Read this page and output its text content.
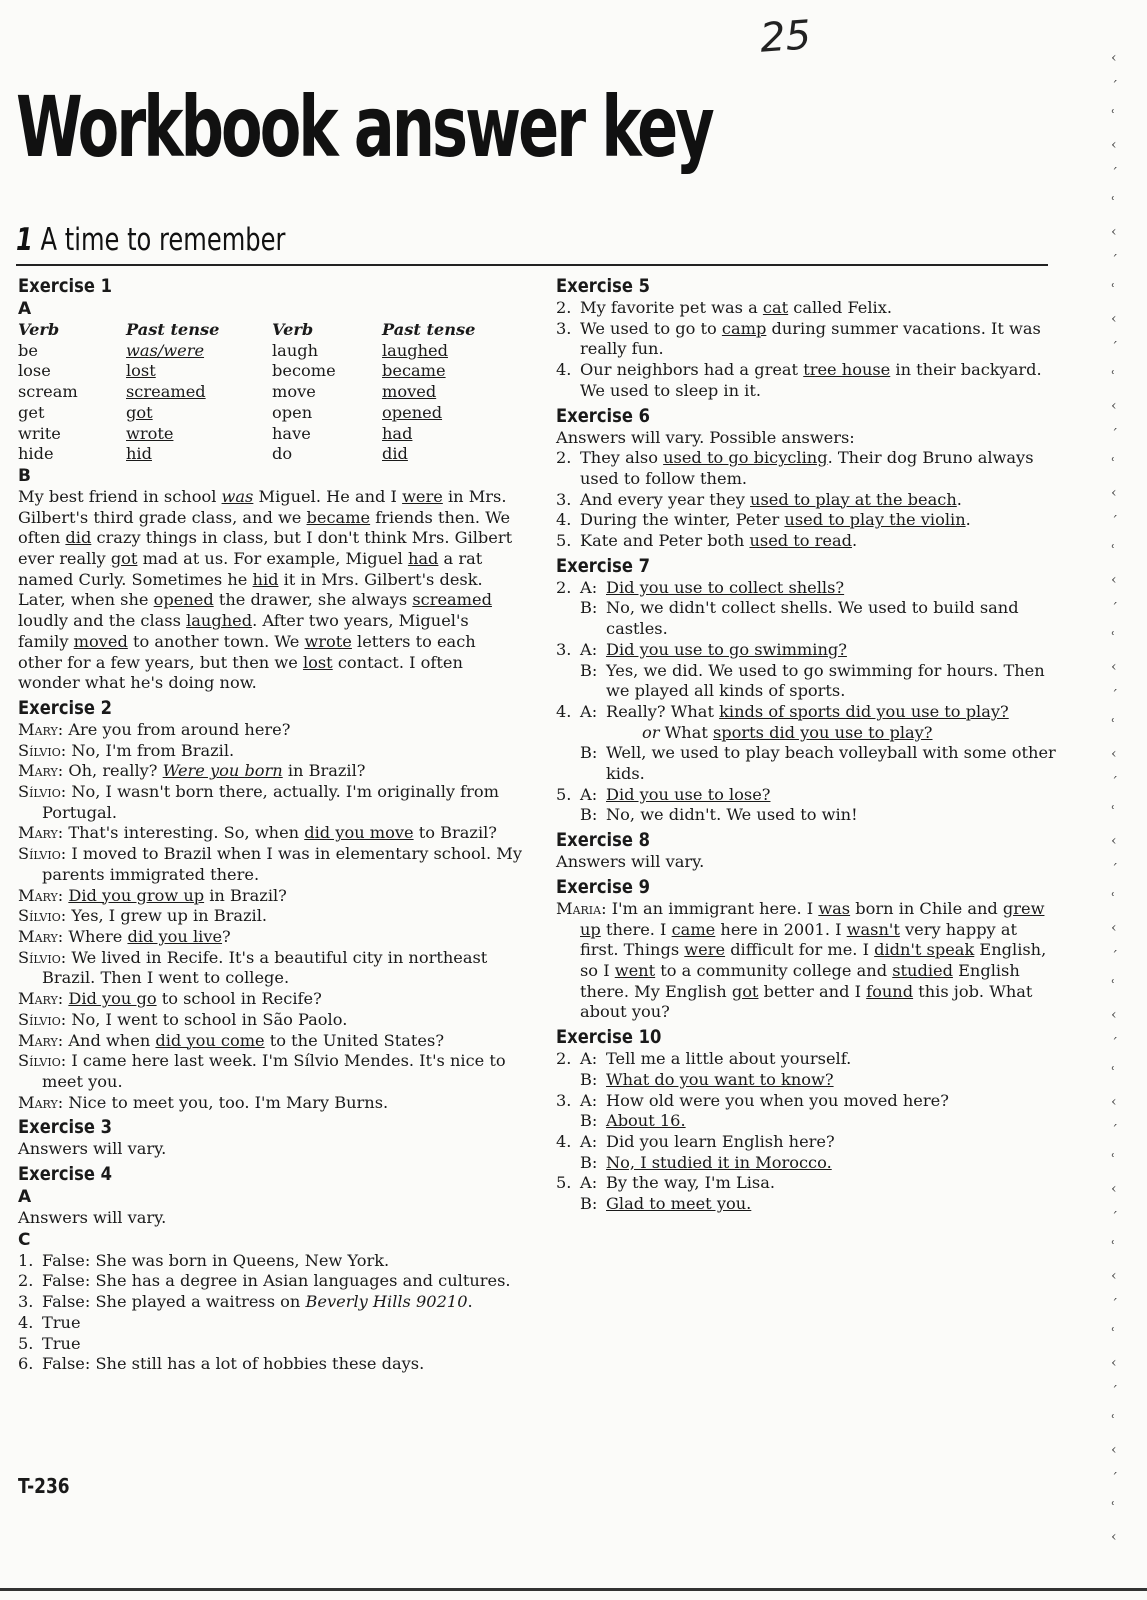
25
Workbook answer key
1 A time to remember
Exercise 1
A
Verb	Past tense	Verb	Past tense
be	was/were	laugh	laughed
lose	lost	become	became
scream	screamed	move	moved
get	got	open	opened
write	wrote	have	had
hide	hid	do	did
B
My best friend in school was Miguel. He and I were in Mrs. Gilbert's third grade class, and we became friends then. We often did crazy things in class, but I don't think Mrs. Gilbert ever really got mad at us. For example, Miguel had a rat named Curly. Sometimes he hid it in Mrs. Gilbert's desk. Later, when she opened the drawer, she always screamed loudly and the class laughed. After two years, Miguel's family moved to another town. We wrote letters to each other for a few years, but then we lost contact. I often wonder what he's doing now.
Exercise 2
Mary: Are you from around here?
Sílvio: No, I'm from Brazil.
Mary: Oh, really? Were you born in Brazil?
Sílvio: No, I wasn't born there, actually. I'm originally from Portugal.
Mary: That's interesting. So, when did you move to Brazil?
Sílvio: I moved to Brazil when I was in elementary school. My parents immigrated there.
Mary: Did you grow up in Brazil?
Sílvio: Yes, I grew up in Brazil.
Mary: Where did you live?
Sílvio: We lived in Recife. It's a beautiful city in northeast Brazil. Then I went to college.
Mary: Did you go to school in Recife?
Sílvio: No, I went to school in São Paolo.
Mary: And when did you come to the United States?
Sílvio: I came here last week. I'm Sílvio Mendes. It's nice to meet you.
Mary: Nice to meet you, too. I'm Mary Burns.
Exercise 3
Answers will vary.
Exercise 4
A
Answers will vary.
C
1. False: She was born in Queens, New York.
2. False: She has a degree in Asian languages and cultures.
3. False: She played a waitress on Beverly Hills 90210.
4. True
5. True
6. False: She still has a lot of hobbies these days.
Exercise 5
2. My favorite pet was a cat called Felix.
3. We used to go to camp during summer vacations. It was really fun.
4. Our neighbors had a great tree house in their backyard. We used to sleep in it.
Exercise 6
Answers will vary. Possible answers:
2. They also used to go bicycling. Their dog Bruno always used to follow them.
3. And every year they used to play at the beach.
4. During the winter, Peter used to play the violin.
5. Kate and Peter both used to read.
Exercise 7
2. A: Did you use to collect shells?
B: No, we didn't collect shells. We used to build sand castles.
3. A: Did you use to go swimming?
B: Yes, we did. We used to go swimming for hours. Then we played all kinds of sports.
4. A: Really? What kinds of sports did you use to play?
or What sports did you use to play?
B: Well, we used to play beach volleyball with some other kids.
5. A: Did you use to lose?
B: No, we didn't. We used to win!
Exercise 8
Answers will vary.
Exercise 9
Maria: I'm an immigrant here. I was born in Chile and grew up there. I came here in 2001. I wasn't very happy at first. Things were difficult for me. I didn't speak English, so I went to a community college and studied English there. My English got better and I found this job. What about you?
Exercise 10
2. A: Tell me a little about yourself.
B: What do you want to know?
3. A: How old were you when you moved here?
B: About 16.
4. A: Did you learn English here?
B: No, I studied it in Morocco.
5. A: By the way, I'm Lisa.
B: Glad to meet you.
T-236
‹
´
ʿ
‹
´
ʿ
‹
´
ʿ
‹
´
ʿ
‹
´
ʿ
‹
´
ʿ
‹
´
ʿ
‹
´
ʿ
‹
´
ʿ
‹
´
ʿ
‹
´
ʿ
‹
´
ʿ
‹
´
ʿ
‹
´
ʿ
‹
´
ʿ
‹
´
ʿ
‹
´
ʿ
‹
